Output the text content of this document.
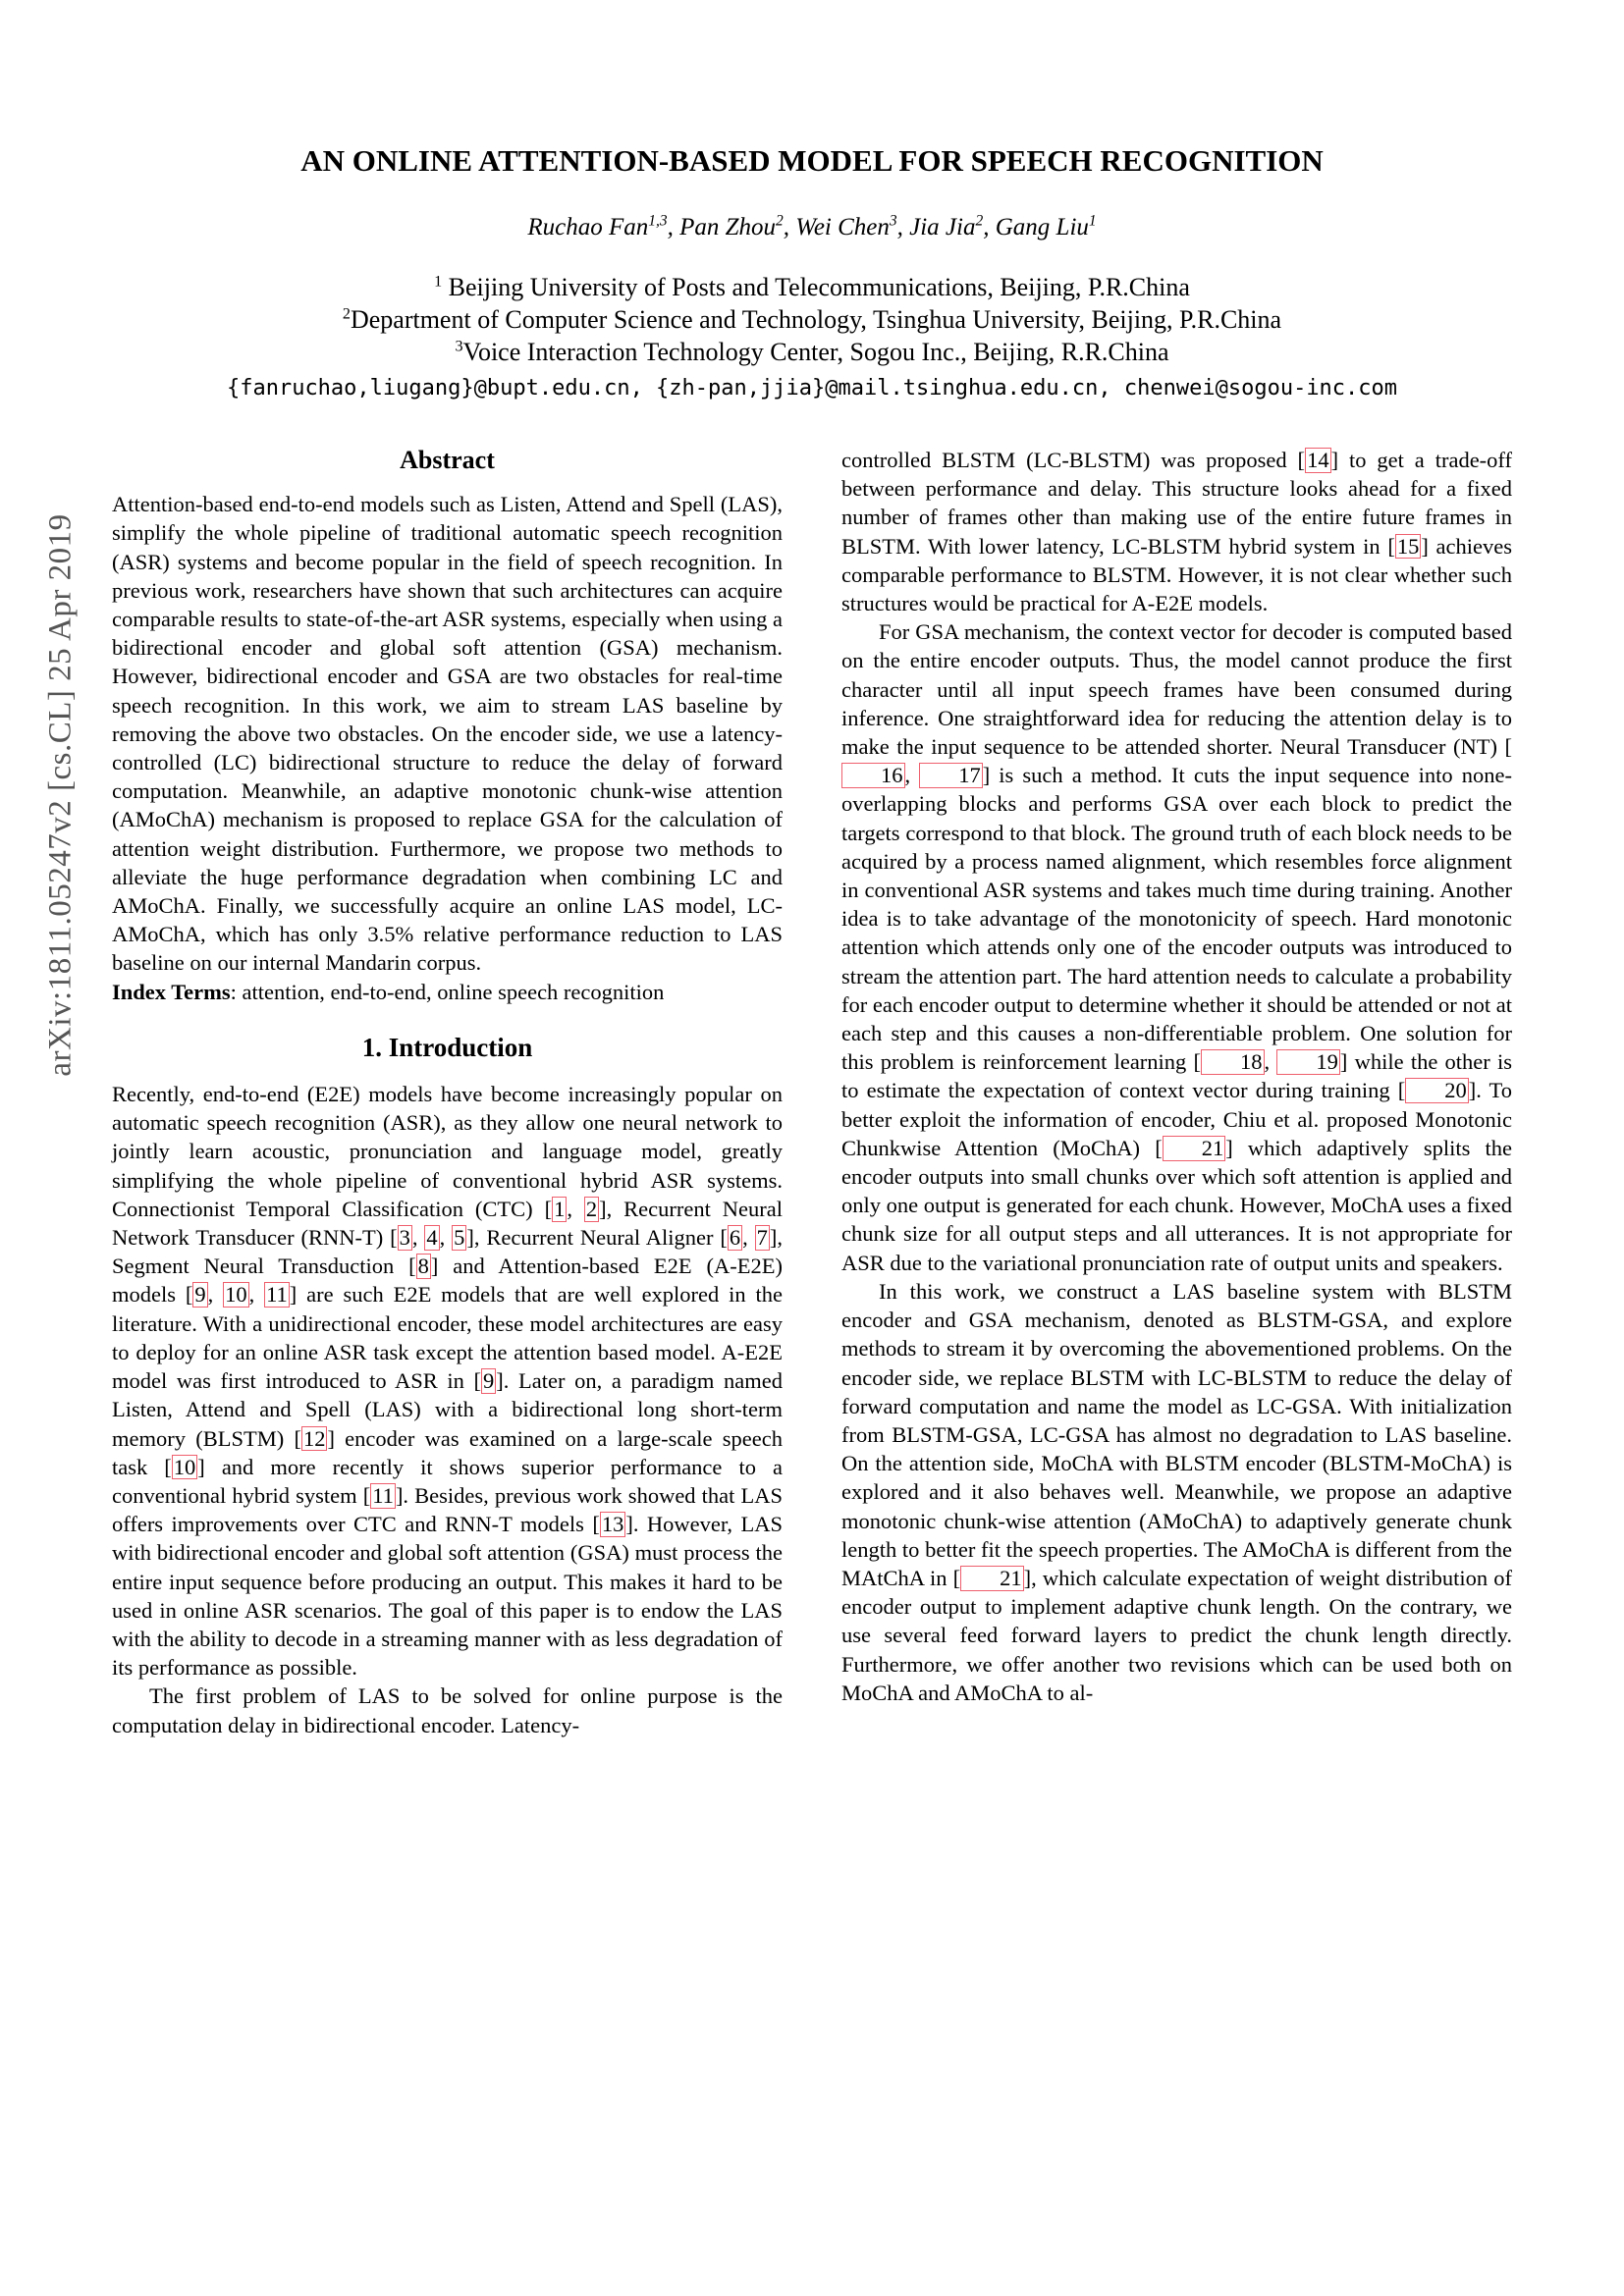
arXiv:1811.05247v2 [cs.CL] 25 Apr 2019
AN ONLINE ATTENTION-BASED MODEL FOR SPEECH RECOGNITION
Ruchao Fan$^{1,3}$, Pan Zhou$^2$, Wei Chen$^3$, Jia Jia$^2$, Gang Liu$^1$
$^1$ Beijing University of Posts and Telecommunications, Beijing, P.R.China
$^2$Department of Computer Science and Technology, Tsinghua University, Beijing, P.R.China
$^3$Voice Interaction Technology Center, Sogou Inc., Beijing, R.R.China
{fanruchao,liugang}@bupt.edu.cn, {zh-pan,jjia}@mail.tsinghua.edu.cn, chenwei@sogou-inc.com
Abstract

Attention-based end-to-end models such as Listen, Attend and Spell (LAS), simplify the whole pipeline of traditional automatic speech recognition (ASR) systems and become popular in the field of speech recognition. In previous work, researchers have shown that such architectures can acquire comparable results to state-of-the-art ASR systems, especially when using a bidirectional encoder and global soft attention (GSA) mechanism. However, bidirectional encoder and GSA are two obstacles for real-time speech recognition. In this work, we aim to stream LAS baseline by removing the above two obstacles. On the encoder side, we use a latency-controlled (LC) bidirectional structure to reduce the delay of forward computation. Meanwhile, an adaptive monotonic chunk-wise attention (AMoChA) mechanism is proposed to replace GSA for the calculation of attention weight distribution. Furthermore, we propose two methods to alleviate the huge performance degradation when combining LC and AMoChA. Finally, we successfully acquire an online LAS model, LC-AMoChA, which has only 3.5% relative performance reduction to LAS baseline on our internal Mandarin corpus.

Index Terms: attention, end-to-end, online speech recognition

1. Introduction

Recently, end-to-end (E2E) models have become increasingly popular on automatic speech recognition (ASR), as they allow one neural network to jointly learn acoustic, pronunciation and language model, greatly simplifying the whole pipeline of conventional hybrid ASR systems. Connectionist Temporal Classification (CTC) [1, 2], Recurrent Neural Network Transducer (RNN-T) [3, 4, 5], Recurrent Neural Aligner [6, 7], Segment Neural Transduction [8] and Attention-based E2E (A-E2E) models [9, 10, 11] are such E2E models that are well explored in the literature. With a unidirectional encoder, these model architectures are easy to deploy for an online ASR task except the attention based model. A-E2E model was first introduced to ASR in [9]. Later on, a paradigm named Listen, Attend and Spell (LAS) with a bidirectional long short-term memory (BLSTM) [12] encoder was examined on a large-scale speech task [10] and more recently it shows superior performance to a conventional hybrid system [11]. Besides, previous work showed that LAS offers improvements over CTC and RNN-T models [13]. However, LAS with bidirectional encoder and global soft attention (GSA) must process the entire input sequence before producing an output. This makes it hard to be used in online ASR scenarios. The goal of this paper is to endow the LAS with the ability to decode in a streaming manner with as less degradation of its performance as possible.

The first problem of LAS to be solved for online purpose is the computation delay in bidirectional encoder. Latency-

controlled BLSTM (LC-BLSTM) was proposed [14] to get a trade-off between performance and delay. This structure looks ahead for a fixed number of frames other than making use of the entire future frames in BLSTM. With lower latency, LC-BLSTM hybrid system in [15] achieves comparable performance to BLSTM. However, it is not clear whether such structures would be practical for A-E2E models.

For GSA mechanism, the context vector for decoder is computed based on the entire encoder outputs. Thus, the model cannot produce the first character until all input speech frames have been consumed during inference. One straightforward idea for reducing the attention delay is to make the input sequence to be attended shorter. Neural Transducer (NT) [16, 17] is such a method. It cuts the input sequence into none-overlapping blocks and performs GSA over each block to predict the targets correspond to that block. The ground truth of each block needs to be acquired by a process named alignment, which resembles force alignment in conventional ASR systems and takes much time during training. Another idea is to take advantage of the monotonicity of speech. Hard monotonic attention which attends only one of the encoder outputs was introduced to stream the attention part. The hard attention needs to calculate a probability for each encoder output to determine whether it should be attended or not at each step and this causes a non-differentiable problem. One solution for this problem is reinforcement learning [ 18, 19] while the other is to estimate the expectation of context vector during training [ 20]. To better exploit the information of encoder, Chiu et al. proposed Monotonic Chunkwise Attention (MoChA) [ 21] which adaptively splits the encoder outputs into small chunks over which soft attention is applied and only one output is generated for each chunk. However, MoChA uses a fixed chunk size for all output steps and all utterances. It is not appropriate for ASR due to the variational pronunciation rate of output units and speakers.

In this work, we construct a LAS baseline system with BLSTM encoder and GSA mechanism, denoted as BLSTM-GSA, and explore methods to stream it by overcoming the abovementioned problems. On the encoder side, we replace BLSTM with LC-BLSTM to reduce the delay of forward computation and name the model as LC-GSA. With initialization from BLSTM-GSA, LC-GSA has almost no degradation to LAS baseline. On the attention side, MoChA with BLSTM encoder (BLSTM-MoChA) is explored and it also behaves well. Meanwhile, we propose an adaptive monotonic chunk-wise attention (AMoChA) to adaptively generate chunk length to better fit the speech properties. The AMoChA is different from the MAtChA in [ 21], which calculate expectation of weight distribution of encoder output to implement adaptive chunk length. On the contrary, we use several feed forward layers to predict the chunk length directly. Furthermore, we offer another two revisions which can be used both on MoChA and AMoChA to al-
